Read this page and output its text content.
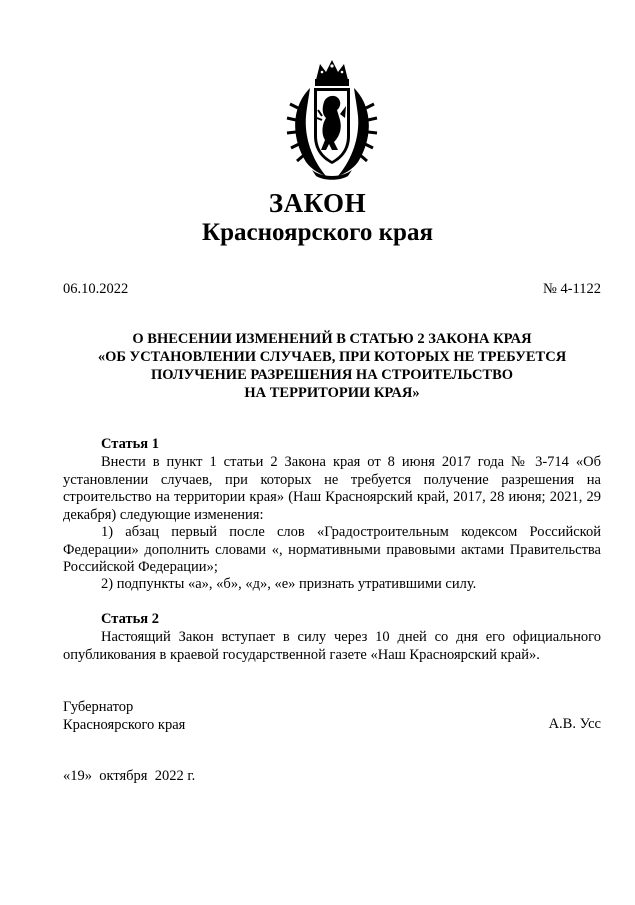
ЗАКОН
Красноярского края
06.10.2022	№ 4-1122
О ВНЕСЕНИИ ИЗМЕНЕНИЙ В СТАТЬЮ 2 ЗАКОНА КРАЯ
«ОБ УСТАНОВЛЕНИИ СЛУЧАЕВ, ПРИ КОТОРЫХ НЕ ТРЕБУЕТСЯ
ПОЛУЧЕНИЕ РАЗРЕШЕНИЯ НА СТРОИТЕЛЬСТВО
НА ТЕРРИТОРИИ КРАЯ»
Статья 1

Внести в пункт 1 статьи 2 Закона края от 8 июня 2017 года № 3-714 «Об установлении случаев, при которых не требуется получение разрешения на строительство на территории края» (Наш Красноярский край, 2017, 28 июня; 2021, 29 декабря) следующие изменения:

1) абзац первый после слов «Градостроительным кодексом Российской Федерации» дополнить словами «, нормативными правовыми актами Правительства Российской Федерации»;

2) подпункты «а», «б», «д», «е» признать утратившими силу.

Статья 2

Настоящий Закон вступает в силу через 10 дней со дня его официального опубликования в краевой государственной газете «Наш Красноярский край».

Губернатор
Красноярского края	А.В. Усс
«19»  октября  2022 г.
